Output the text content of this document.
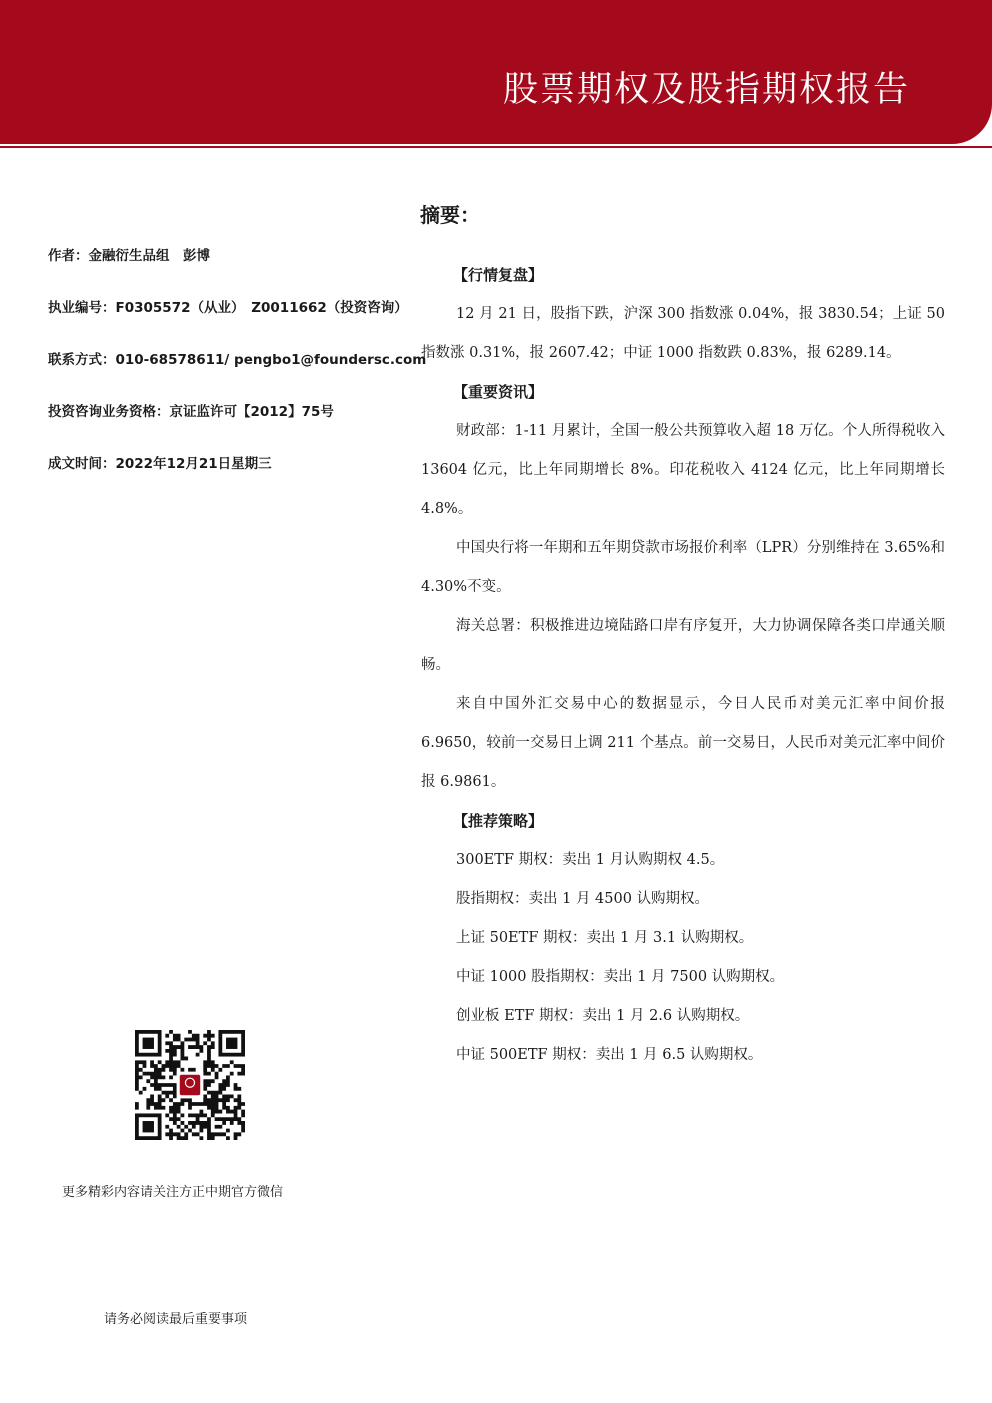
股票期权及股指期权报告
作者：金融衍生品组　彭博
执业编号：F0305572（从业）　Z0011662（投资咨询）
联系方式：010-68578611/ pengbo1@foundersc.com
投资咨询业务资格：京证监许可【2012】75号
成文时间：2022年12月21日星期三
更多精彩内容请关注方正中期官方微信
请务必阅读最后重要事项
摘要：
【行情复盘】

12 月 21 日，股指下跌，沪深 300 指数涨 0.04%，报 3830.54；上证 50 指数涨 0.31%，报 2607.42；中证 1000 指数跌 0.83%，报 6289.14。

【重要资讯】

财政部：1-11 月累计，全国一般公共预算收入超 18 万亿。个人所得税收入 13604 亿元，比上年同期增长 8%。印花税收入 4124 亿元，比上年同期增长 4.8%。

中国央行将一年期和五年期贷款市场报价利率（LPR）分别维持在 3.65%和 4.30%不变。

海关总署：积极推进边境陆路口岸有序复开，大力协调保障各类口岸通关顺畅。

来自中国外汇交易中心的数据显示，今日人民币对美元汇率中间价报 6.9650，较前一交易日上调 211 个基点。前一交易日，人民币对美元汇率中间价报 6.9861。

【推荐策略】
300ETF 期权：卖出 1 月认购期权 4.5。
股指期权：卖出 1 月 4500 认购期权。
上证 50ETF 期权：卖出 1 月 3.1 认购期权。
中证 1000 股指期权：卖出 1 月 7500 认购期权。
创业板 ETF 期权：卖出 1 月 2.6 认购期权。
中证 500ETF 期权：卖出 1 月 6.5 认购期权。
